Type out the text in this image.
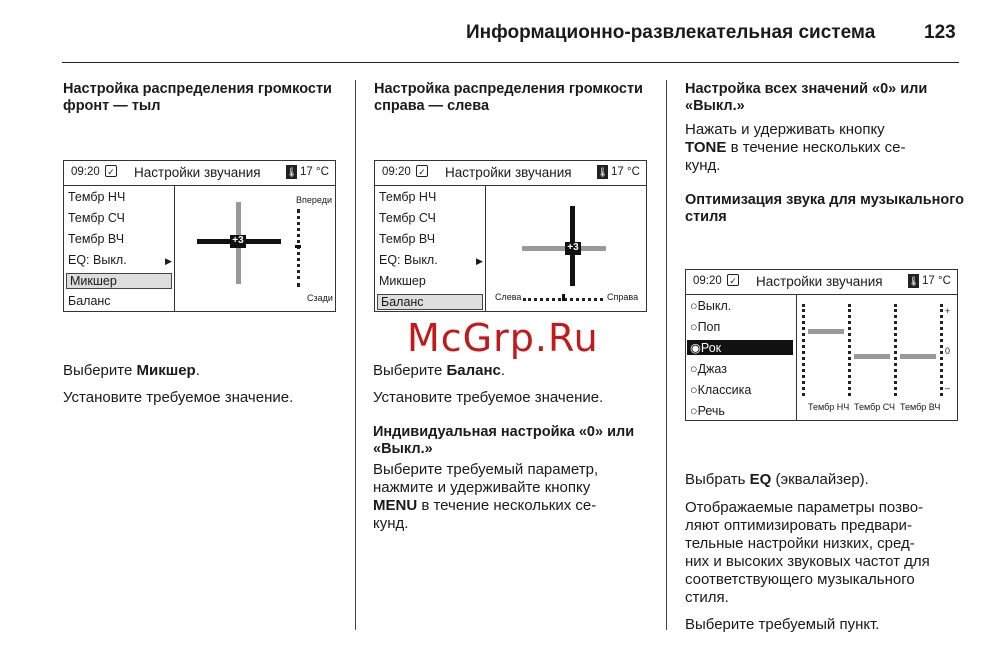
Информационно-развлекательная система	123
Настройка распределения громкости фронт — тыл
09:20 ✓ Настройки звучания	🌡 17 °C
Тембр НЧ
Тембр СЧ
Тембр ВЧ
EQ: Выкл.	▶
Микшер
Баланс
+3
Впереди
Сзади
Выберите Микшер.
Установите требуемое значение.
Настройка распределения громкости справа — слева
09:20 ✓ Настройки звучания	🌡 17 °C
Тембр НЧ
Тембр СЧ
Тембр ВЧ
EQ: Выкл.	▶
Микшер
Баланс
+3
Слева	Справа
Выберите Баланс.
Установите требуемое значение.
Индивидуальная настройка «0» или «Выкл.»
Выберите требуемый параметр,
нажмите и удерживайте кнопку
MENU в течение нескольких се-
кунд.
Настройка всех значений «0» или «Выкл.»
Нажать и удерживать кнопку
TONE в течение нескольких се-
кунд.
Оптимизация звука для музыкального стиля
09:20 ✓ Настройки звучания	🌡 17 °C
○Выкл.
○Поп
◉Рок
○Джаз
○Классика
○Речь
+
0
–
Тембр НЧ Тембр СЧ Тембр ВЧ
Выбрать EQ (эквалайзер).
Отображаемые параметры позво-
ляют оптимизировать предвари-
тельные настройки низких, сред-
них и высоких звуковых частот для
соответствующего музыкального
стиля.
Выберите требуемый пункт.
McGrp.Ru
